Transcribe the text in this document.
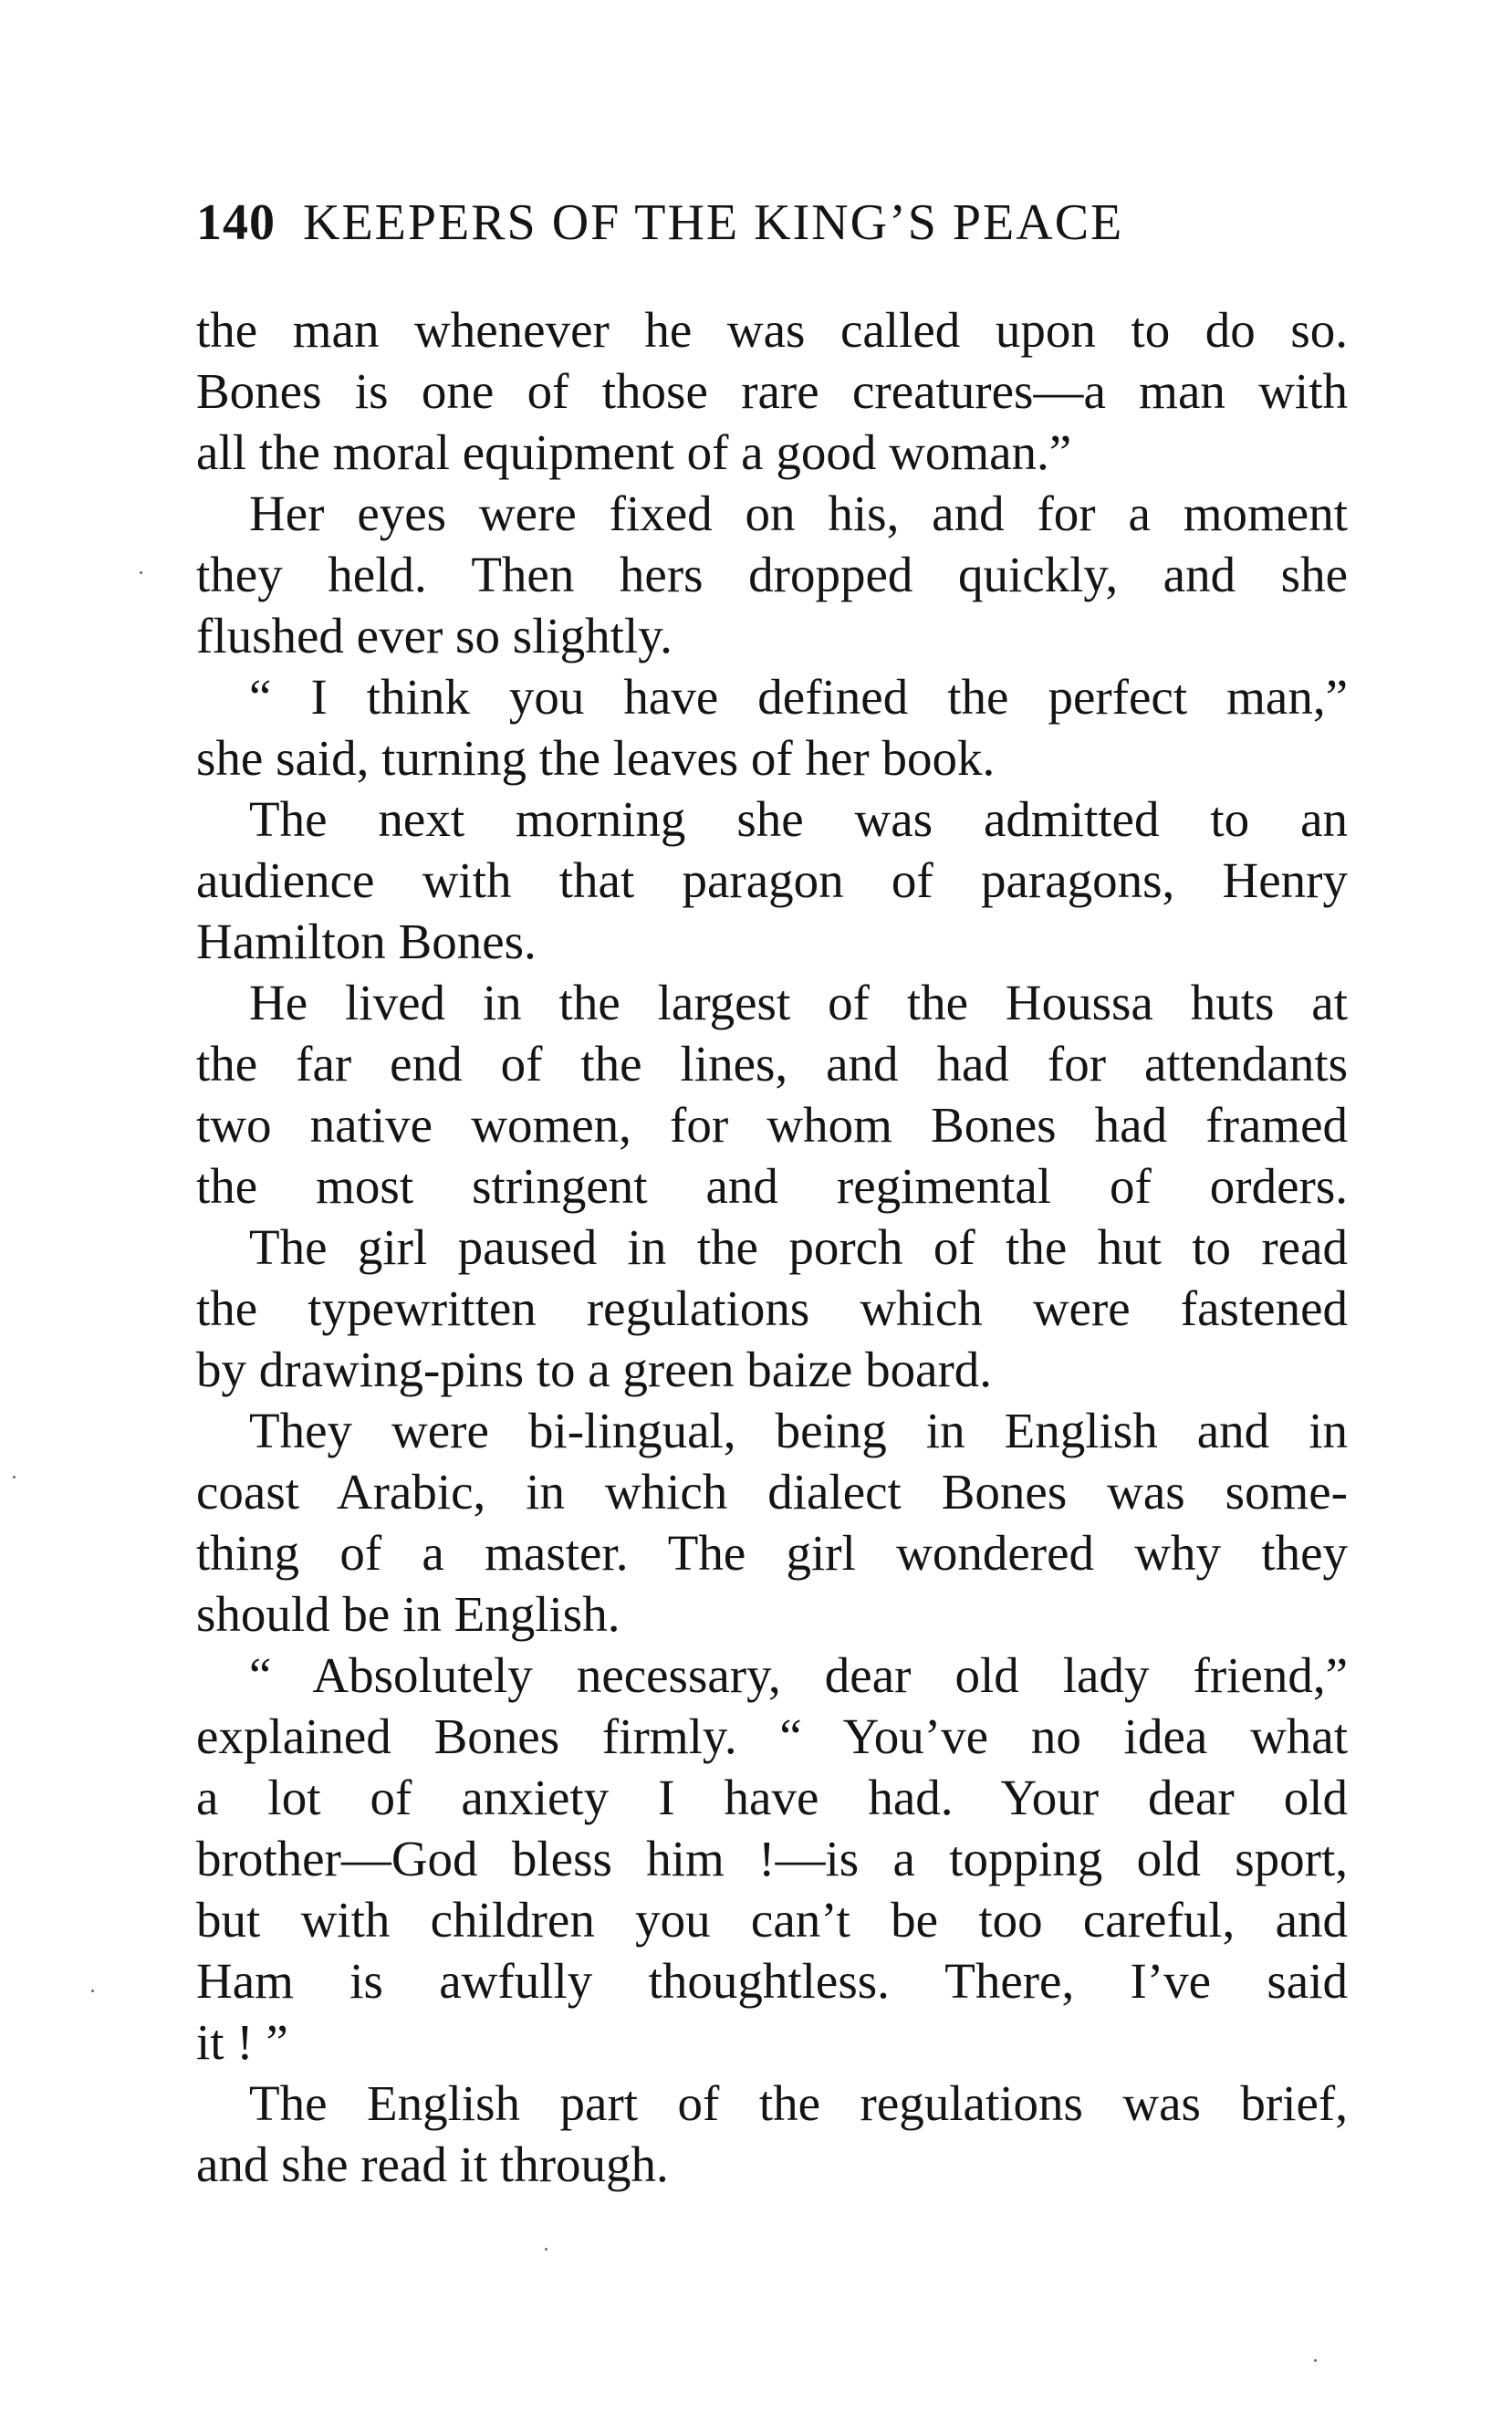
140 KEEPERS OF THE KING’S PEACE
the man whenever he was called upon to do so.
Bones is one of those rare creatures—a man with
all the moral equipment of a good woman.”
Her eyes were fixed on his, and for a moment
they held. Then hers dropped quickly, and she
flushed ever so slightly.
“ I think you have defined the perfect man,”
she said, turning the leaves of her book.
The next morning she was admitted to an
audience with that paragon of paragons, Henry
Hamilton Bones.
He lived in the largest of the Houssa huts at
the far end of the lines, and had for attendants
two native women, for whom Bones had framed
the most stringent and regimental of orders.
The girl paused in the porch of the hut to read
the typewritten regulations which were fastened
by drawing-pins to a green baize board.
They were bi-lingual, being in English and in
coast Arabic, in which dialect Bones was some-
thing of a master. The girl wondered why they
should be in English.
“ Absolutely necessary, dear old lady friend,”
explained Bones firmly. “ You’ve no idea what
a lot of anxiety I have had. Your dear old
brother—God bless him !—is a topping old sport,
but with children you can’t be too careful, and
Ham is awfully thoughtless. There, I’ve said
it ! ”
The English part of the regulations was brief,
and she read it through.
